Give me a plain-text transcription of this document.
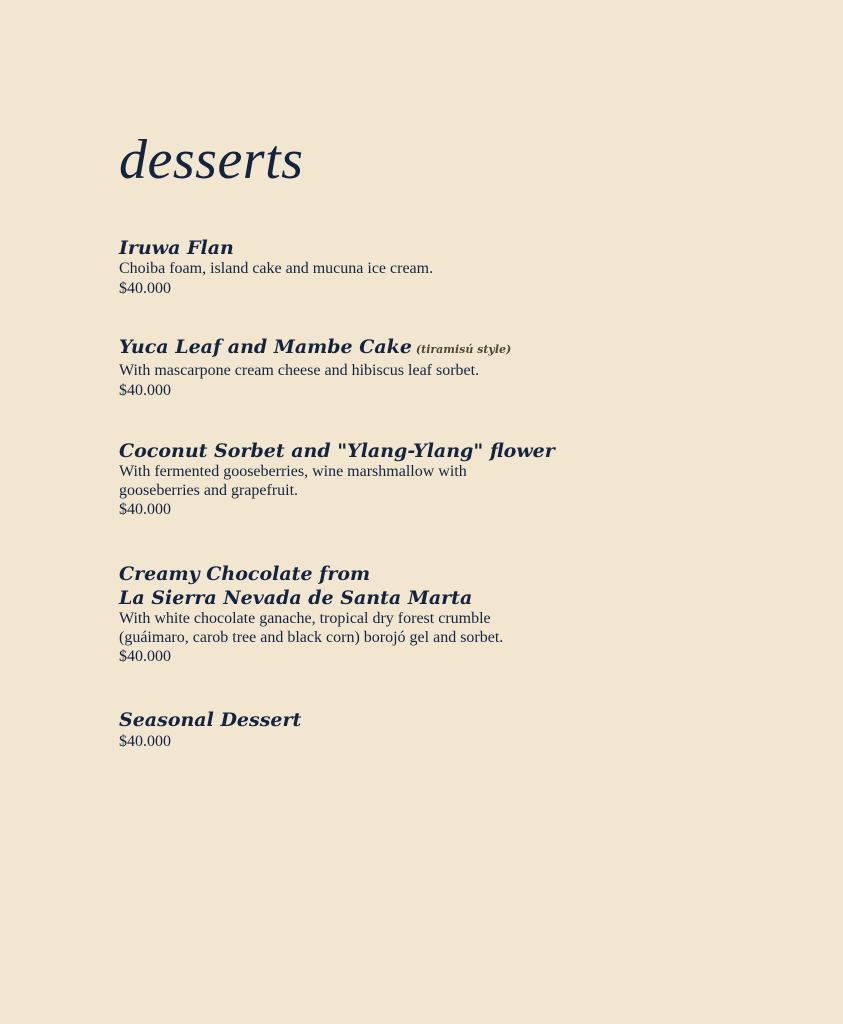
desserts
Iruwa Flan
Choiba foam, island cake and mucuna ice cream.
$40.000
Yuca Leaf and Mambe Cake (tiramisú style)
With mascarpone cream cheese and hibiscus leaf sorbet.
$40.000
Coconut Sorbet and "Ylang-Ylang" flower
With fermented gooseberries, wine marshmallow with
gooseberries and grapefruit.
$40.000
Creamy Chocolate from
La Sierra Nevada de Santa Marta
With white chocolate ganache, tropical dry forest crumble
(guáimaro, carob tree and black corn) borojó gel and sorbet.
$40.000
Seasonal Dessert
$40.000
